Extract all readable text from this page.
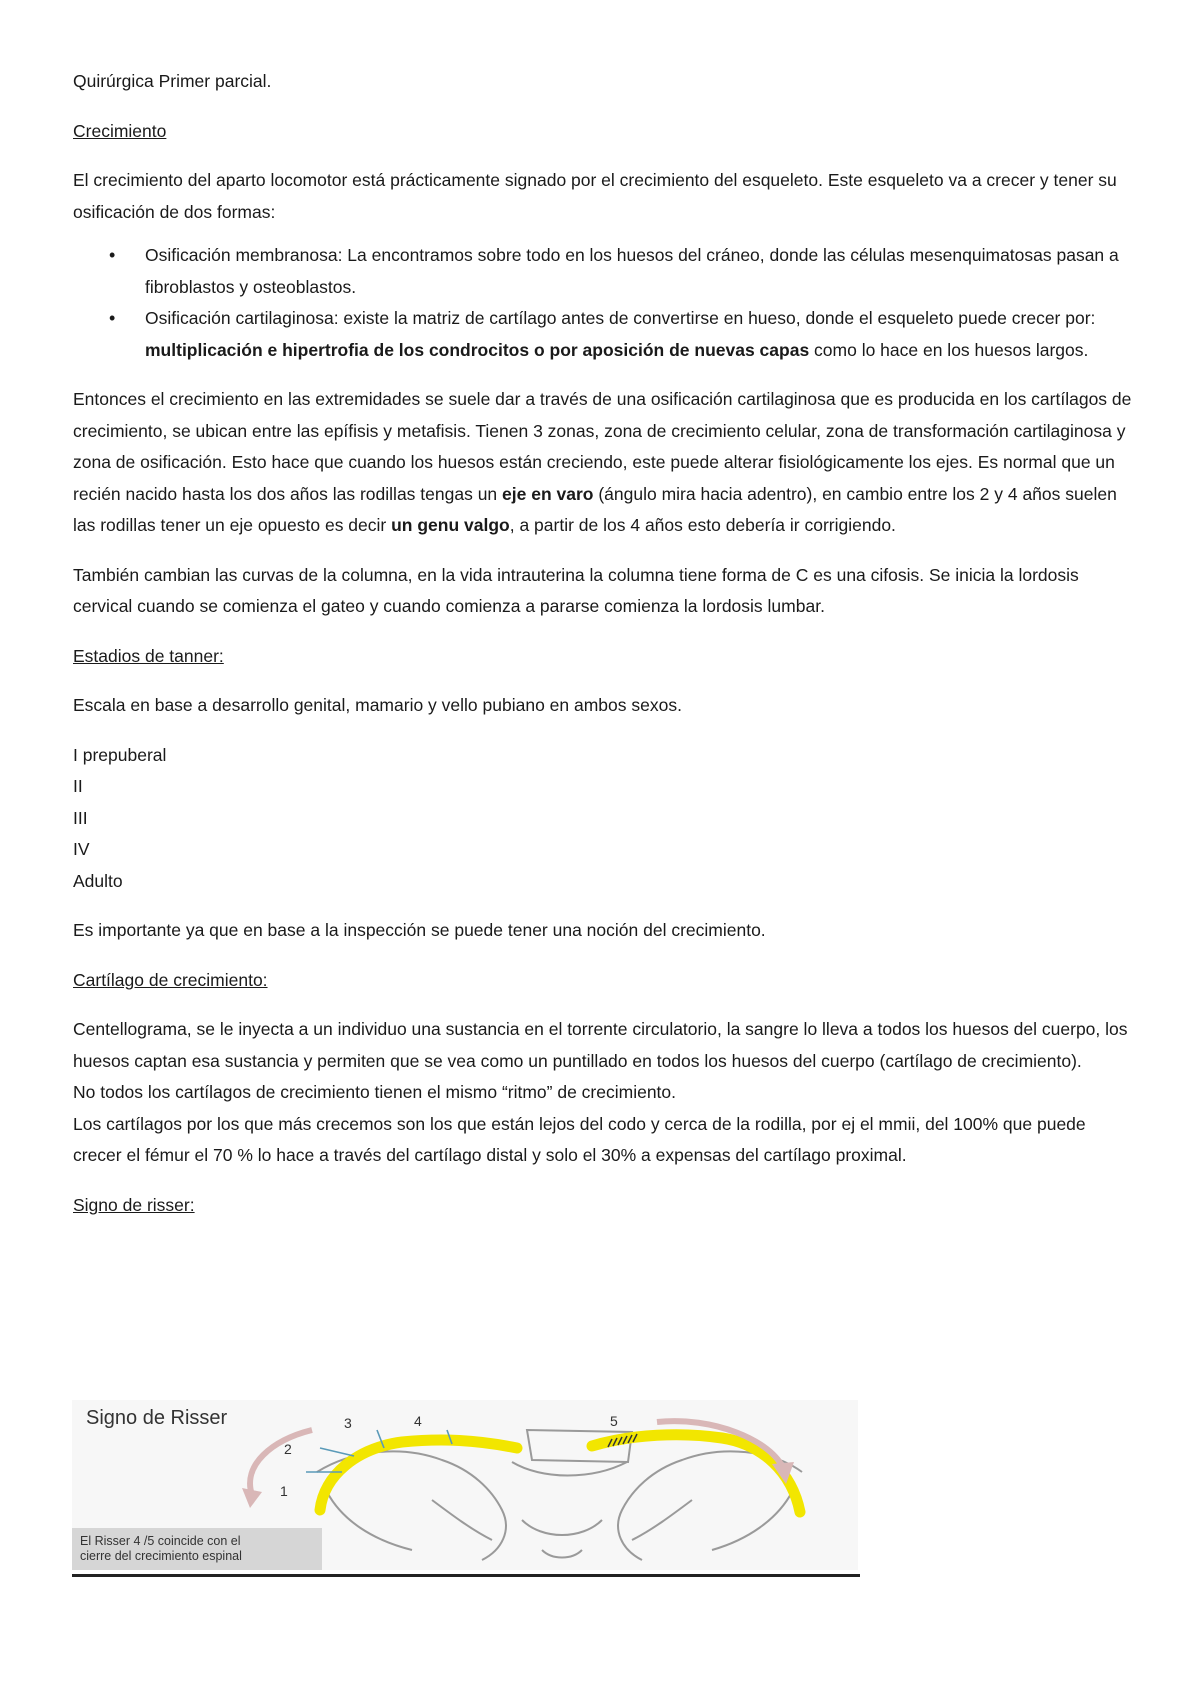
Quirúrgica Primer parcial.

Crecimiento

El crecimiento del aparto locomotor está prácticamente signado por el crecimiento del esqueleto. Este esqueleto va a crecer y tener su osificación de dos formas:

• Osificación membranosa: La encontramos sobre todo en los huesos del cráneo, donde las células mesenquimatosas pasan a fibroblastos y osteoblastos.
• Osificación cartilaginosa: existe la matriz de cartílago antes de convertirse en hueso, donde el esqueleto puede crecer por: multiplicación e hipertrofia de los condrocitos o por aposición de nuevas capas como lo hace en los huesos largos.

Entonces el crecimiento en las extremidades se suele dar a través de una osificación cartilaginosa que es producida en los cartílagos de crecimiento, se ubican entre las epífisis y metafisis. Tienen 3 zonas, zona de crecimiento celular, zona de transformación cartilaginosa y zona de osificación. Esto hace que cuando los huesos están creciendo, este puede alterar fisiológicamente los ejes. Es normal que un recién nacido hasta los dos años las rodillas tengas un eje en varo (ángulo mira hacia adentro), en cambio entre los 2 y 4 años suelen las rodillas tener un eje opuesto es decir un genu valgo, a partir de los 4 años esto debería ir corrigiendo.

También cambian las curvas de la columna, en la vida intrauterina la columna tiene forma de C es una cifosis. Se inicia la lordosis cervical cuando se comienza el gateo y cuando comienza a pararse comienza la lordosis lumbar.

Estadios de tanner:

Escala en base a desarrollo genital, mamario y vello pubiano en ambos sexos.

I prepuberal
II
III
IV
Adulto

Es importante ya que en base a la inspección se puede tener una noción del crecimiento.

Cartílago de crecimiento:

Centellograma, se le inyecta a un individuo una sustancia en el torrente circulatorio, la sangre lo lleva a todos los huesos del cuerpo, los huesos captan esa sustancia y permiten que se vea como un puntillado en todos los huesos del cuerpo (cartílago de crecimiento).
No todos los cartílagos de crecimiento tienen el mismo “ritmo” de crecimiento.
Los cartílagos por los que más crecemos son los que están lejos del codo y cerca de la rodilla, por ej el mmii, del 100% que puede crecer el fémur el 70 % lo hace a través del cartílago distal y solo el 30% a expensas del cartílago proximal.

Signo de risser:

Signo de Risser
1
2
3	4	5
El Risser 4 /5 coincide con el
cierre del crecimiento espinal
